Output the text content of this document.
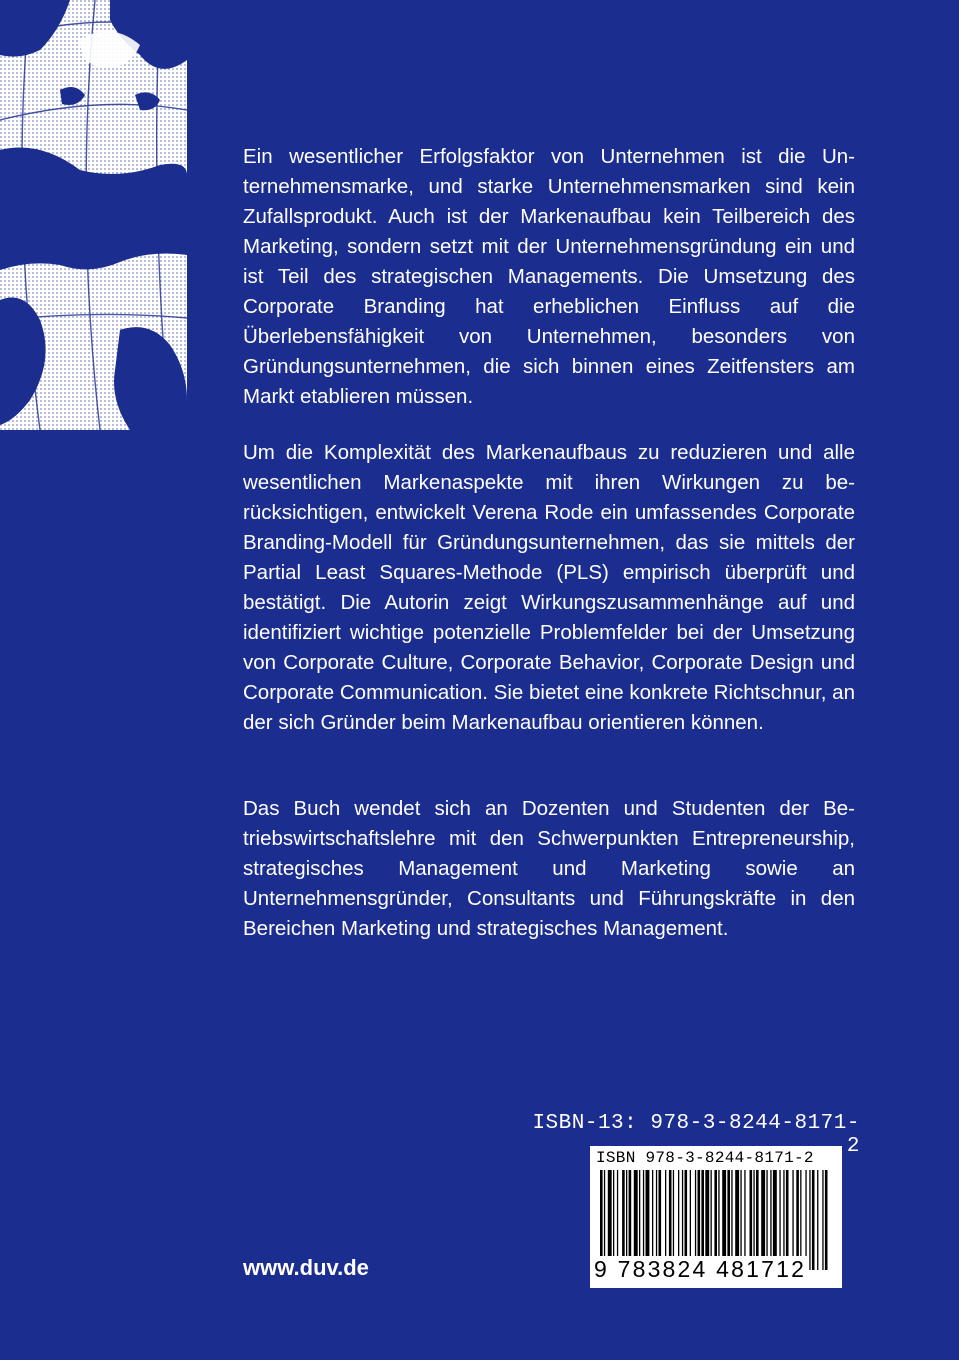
Ein wesentlicher Erfolgsfaktor von Unternehmen ist die Unternehmensmarke, und starke Unternehmensmarken sind kein Zufallsprodukt. Auch ist der Markenaufbau kein Teilbereich des Marketing, sondern setzt mit der Unternehmensgründung ein und ist Teil des strategischen Managements. Die Umsetzung des Corporate Branding hat erheblichen Einfluss auf die Überlebensfähigkeit von Unternehmen, besonders von Gründungsunternehmen, die sich binnen eines Zeitfensters am Markt etablieren müssen.

Um die Komplexität des Markenaufbaus zu reduzieren und alle wesentlichen Markenaspekte mit ihren Wirkungen zu berücksichtigen, entwickelt Verena Rode ein umfassendes Corporate Branding-Modell für Gründungsunternehmen, das sie mittels der Partial Least Squares-Methode (PLS) empirisch überprüft und bestätigt. Die Autorin zeigt Wirkungszusammenhänge auf und identifiziert wichtige potenzielle Problemfelder bei der Umsetzung von Corporate Culture, Corporate Behavior, Corporate Design und Corporate Communication. Sie bietet eine konkrete Richtschnur, an der sich Gründer beim Markenaufbau orientieren können.

Das Buch wendet sich an Dozenten und Studenten der Betriebswirtschaftslehre mit den Schwerpunkten Entrepreneurship, strategisches Management und Marketing sowie an Unternehmensgründer, Consultants und Führungskräfte in den Bereichen Marketing und strategisches Management.

ISBN-13: 978-3-8244-8171-2
ISBN 978-3-8244-8171-2
9 783824 481712
www.duv.de
